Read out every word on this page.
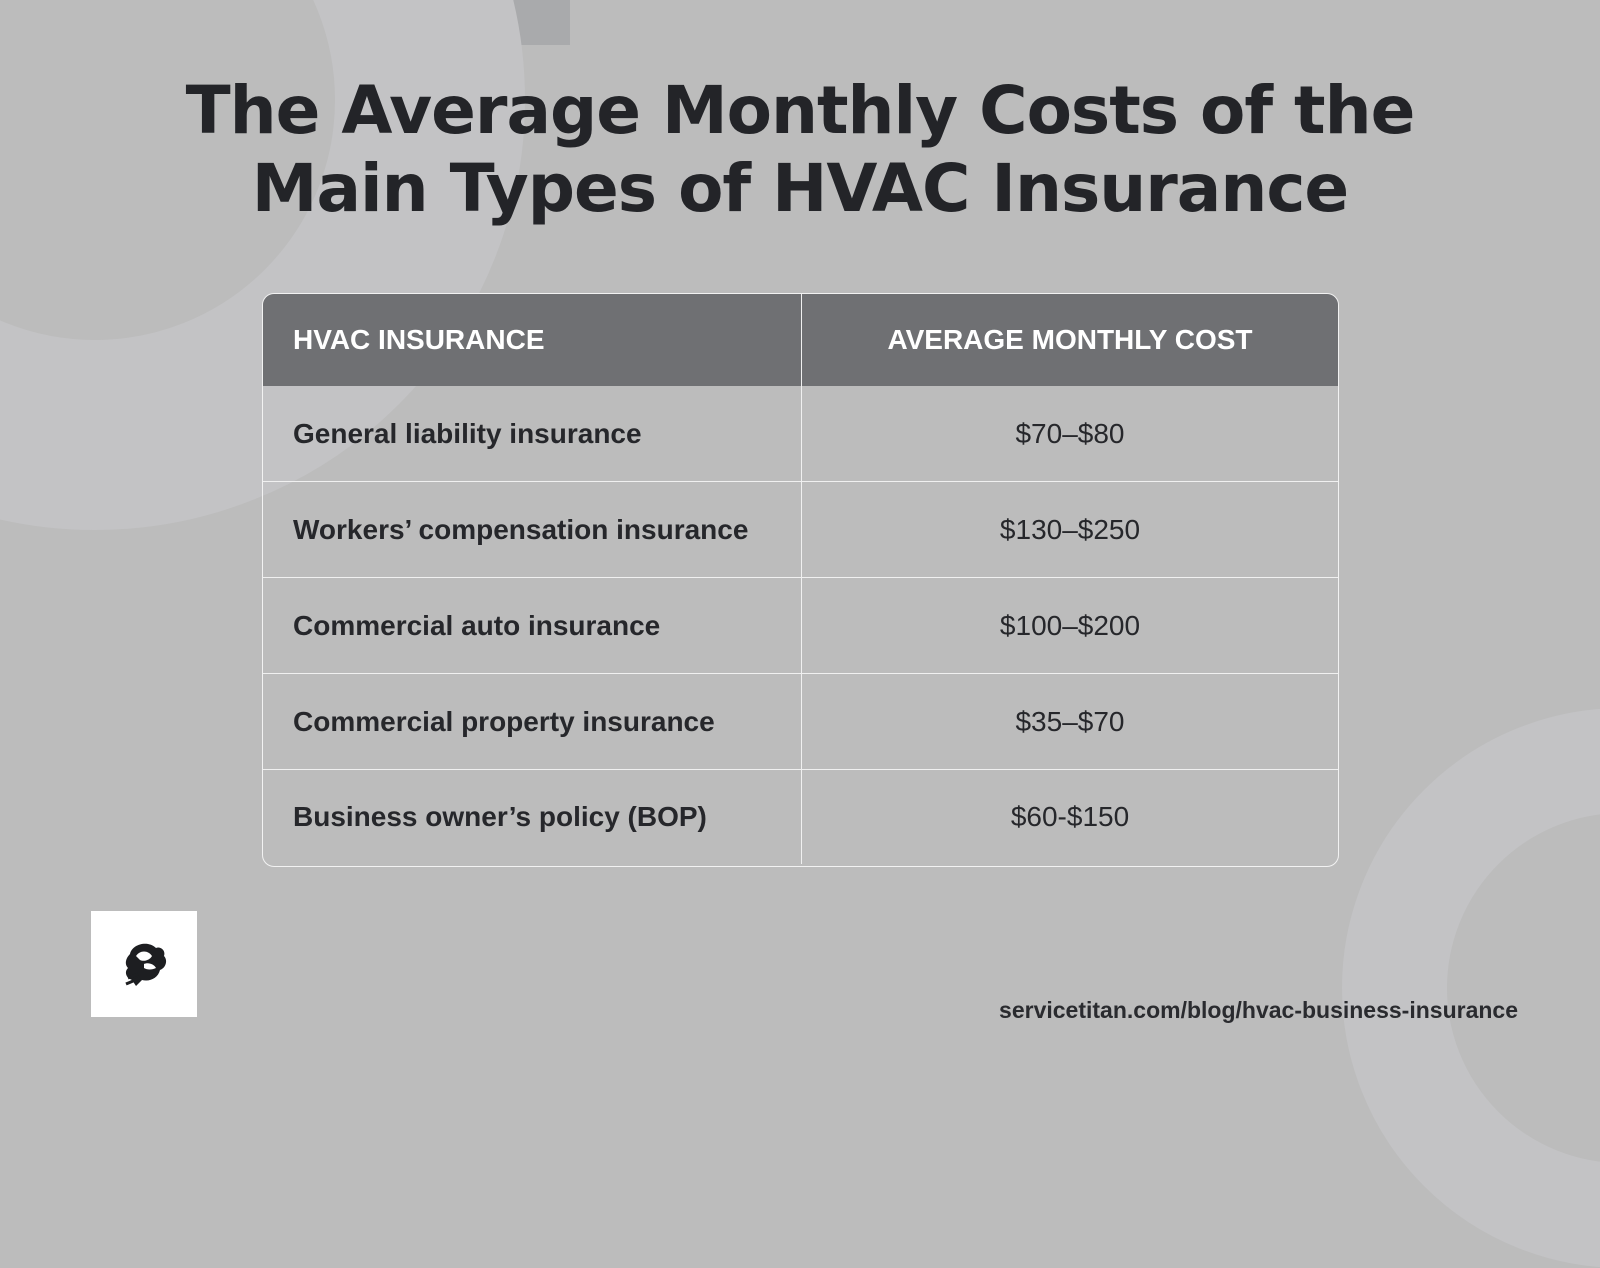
The Average Monthly Costs of the
Main Types of HVAC Insurance
HVAC INSURANCE	AVERAGE MONTHLY COST
General liability insurance	$70–$80
Workers’ compensation insurance	$130–$250
Commercial auto insurance	$100–$200
Commercial property insurance	$35–$70
Business owner’s policy (BOP)	$60-$150
servicetitan.com/blog/hvac-business-insurance
